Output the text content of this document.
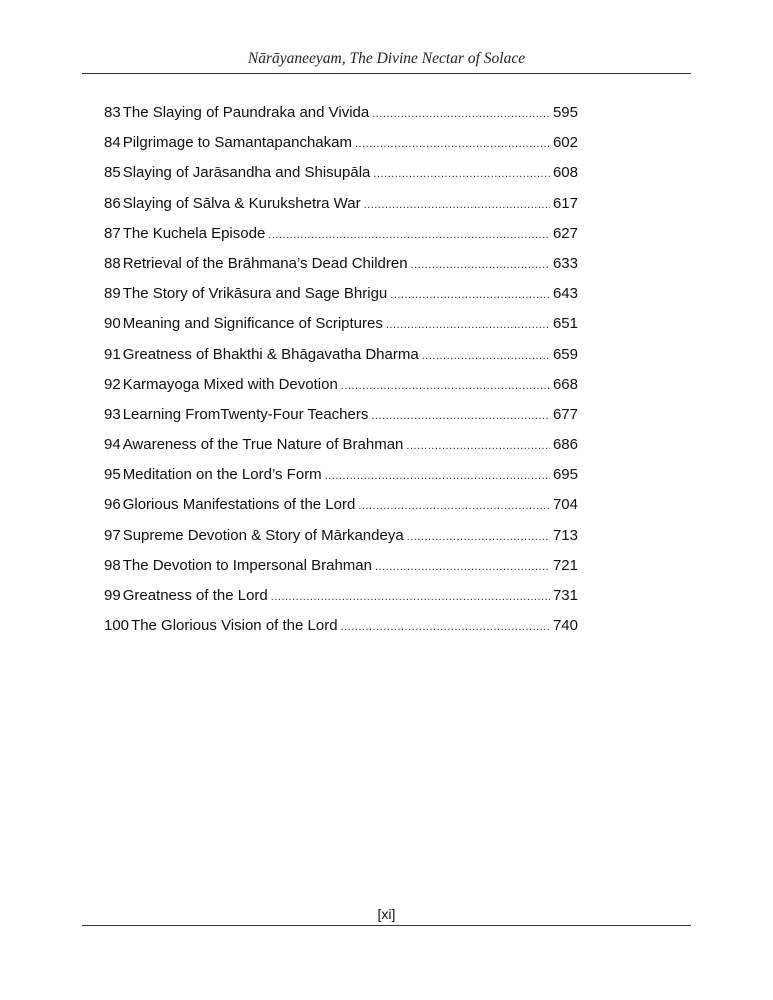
Nārāyaneeyam, The Divine Nectar of Solace
83 The Slaying of Paundraka and Vivida .....	595
84 Pilgrimage to Samantapanchakam .....	602
85 Slaying of Jarāsandha and Shisupāla .....	608
86 Slaying of Sālva & Kurukshetra War .....	617
87 The Kuchela Episode .....	627
88 Retrieval of the Brāhmana’s Dead Children .....	633
89 The Story of Vrikāsura and Sage Bhrigu .....	643
90 Meaning and Significance of Scriptures .....	651
91 Greatness of Bhakthi & Bhāgavatha Dharma .....	659
92 Karmayoga Mixed with Devotion .....	668
93 Learning FromTwenty-Four Teachers .....	677
94 Awareness of the True Nature of Brahman .....	686
95 Meditation on the Lord’s Form .....	695
96 Glorious Manifestations of the Lord .....	704
97 Supreme Devotion & Story of Mārkandeya .....	713
98 The Devotion to Impersonal Brahman .....	721
99 Greatness of the Lord .....	731
100 The Glorious Vision of the Lord .....	740
[xi]
